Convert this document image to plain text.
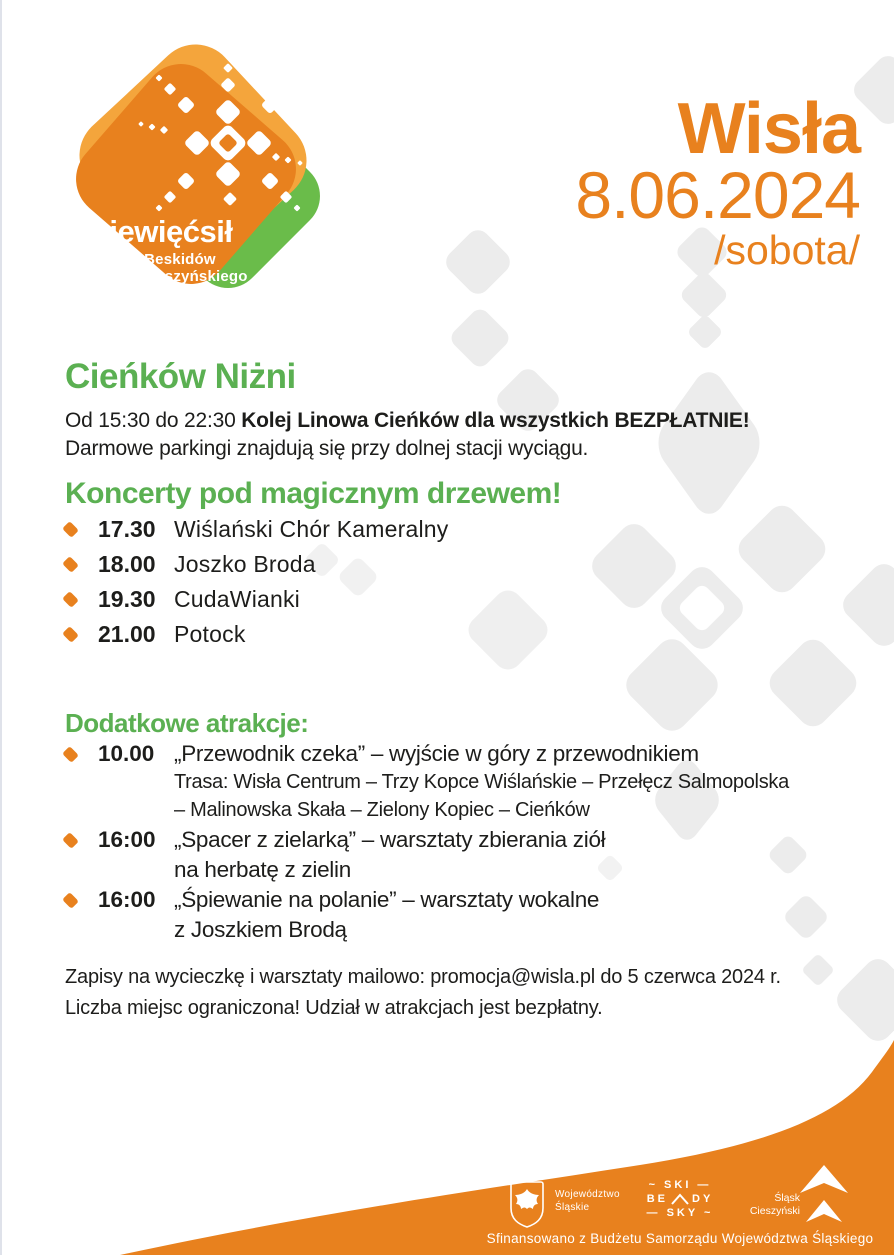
dziewięćsił
Festiwal Beskidów
i Śląska Cieszyńskiego
Wisła
8.06.2024
/sobota/
Cieńków Niżni
Od 15:30 do 22:30 Kolej Linowa Cieńków dla wszystkich BEZPŁATNIE!
Darmowe parkingi znajdują się przy dolnej stacji wyciągu.
Koncerty pod magicznym drzewem!
17.30 Wiślański Chór Kameralny
18.00 Joszko Broda
19.30 CudaWianki
21.00 Potock
Dodatkowe atrakcje:
10.00 „Przewodnik czeka” – wyjście w góry z przewodnikiem
Trasa: Wisła Centrum – Trzy Kopce Wiślańskie – Przełęcz Salmopolska
– Malinowska Skała – Zielony Kopiec – Cieńków
16:00 „Spacer z zielarką” – warsztaty zbierania ziół
na herbatę z zielin
16:00 „Śpiewanie na polanie” – warsztaty wokalne
z Joszkiem Brodą
Zapisy na wycieczkę i warsztaty mailowo: promocja@wisla.pl do 5 czerwca 2024 r.
Liczba miejsc ograniczona! Udział w atrakcjach jest bezpłatny.
Województwo
Śląskie
~ SKI —
BE DY
— SKY ~
Śląsk
Cieszyński
Sfinansowano z Budżetu Samorządu Województwa Śląskiego
